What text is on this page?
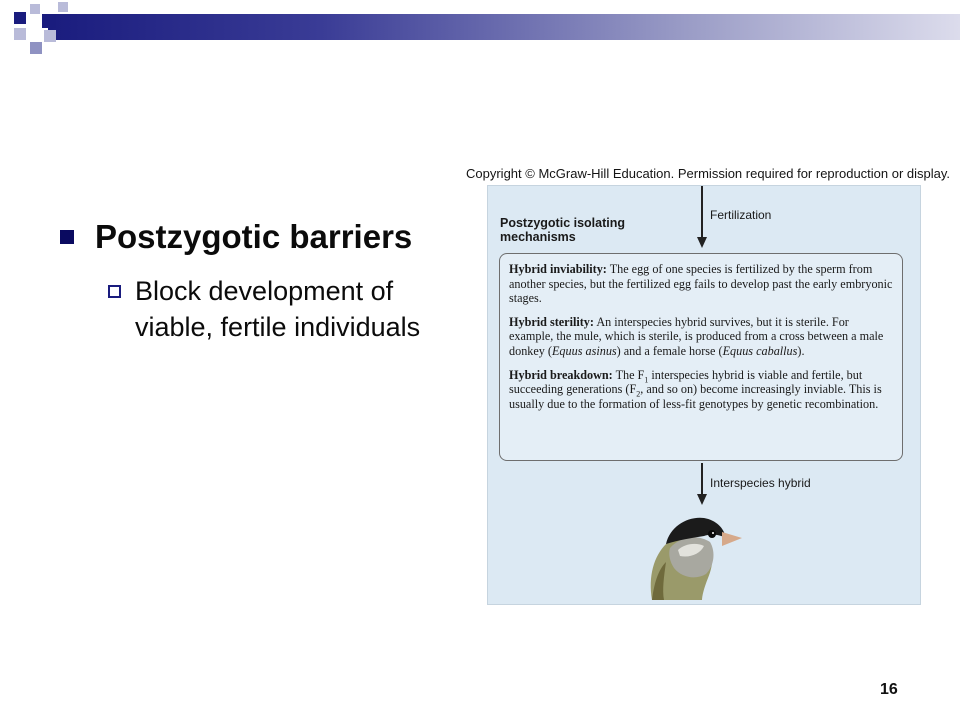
Postzygotic barriers
Block development of viable, fertile individuals
Copyright © McGraw-Hill Education. Permission required for reproduction or display.
Postzygotic isolating mechanisms
Fertilization

Hybrid inviability: The egg of one species is fertilized by the sperm from another species, but the fertilized egg fails to develop past the early embryonic stages.

Hybrid sterility: An interspecies hybrid survives, but it is sterile. For example, the mule, which is sterile, is produced from a cross between a male donkey (Equus asinus) and a female horse (Equus caballus).

Hybrid breakdown: The $F_1$ interspecies hybrid is viable and fertile, but succeeding generations ($F_2$, and so on) become increasingly inviable. This is usually due to the formation of less-fit genotypes by genetic recombination.

Interspecies hybrid
16
